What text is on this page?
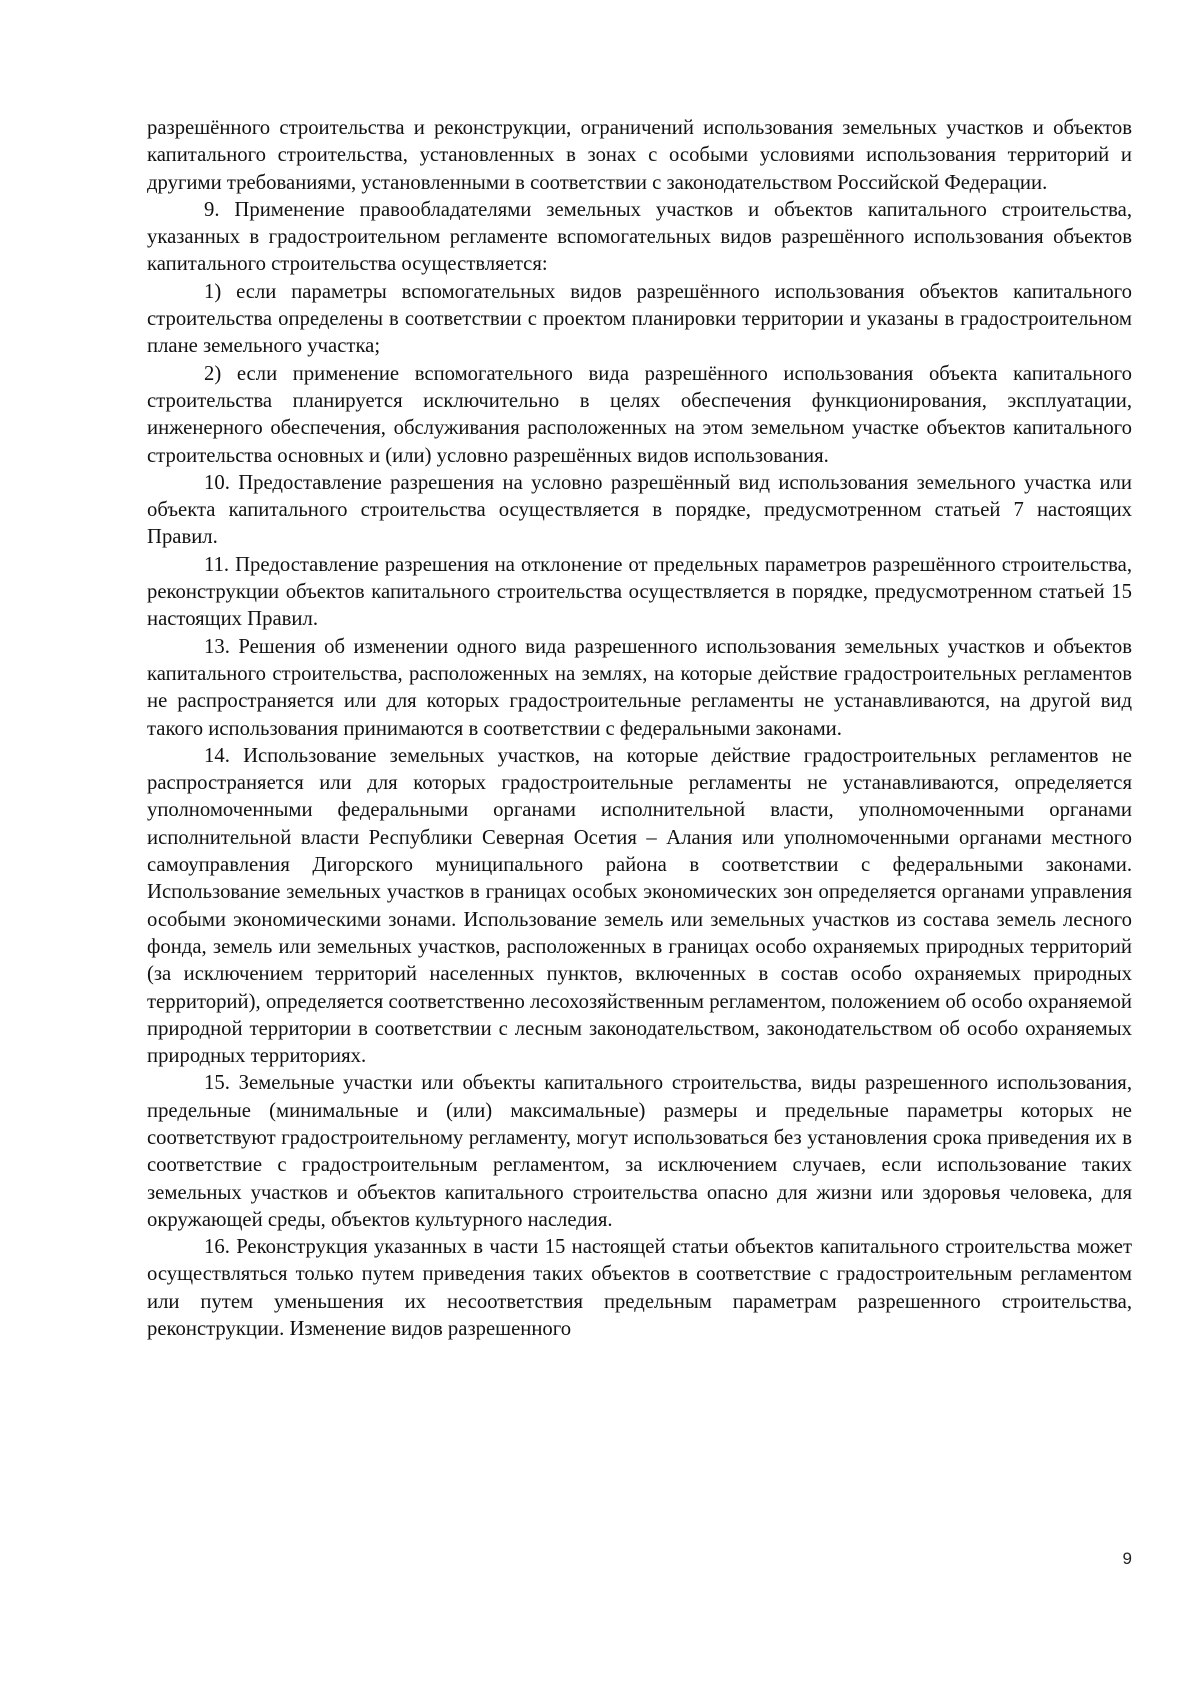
разрешённого строительства и реконструкции, ограничений использования земельных участков и объектов капитального строительства, установленных в зонах с особыми условиями использования территорий и другими требованиями, установленными в соответствии с законодательством Российской Федерации.

9. Применение правообладателями земельных участков и объектов капитального строительства, указанных в градостроительном регламенте вспомогательных видов разрешённого использования объектов капитального строительства осуществляется:

1) если параметры вспомогательных видов разрешённого использования объектов капитального строительства определены в соответствии с проектом планировки территории и указаны в градостроительном плане земельного участка;

2) если применение вспомогательного вида разрешённого использования объекта капитального строительства планируется исключительно в целях обеспечения функционирования, эксплуатации, инженерного обеспечения, обслуживания расположенных на этом земельном участке объектов капитального строительства основных и (или) условно разрешённых видов использования.

10. Предоставление разрешения на условно разрешённый вид использования земельного участка или объекта капитального строительства осуществляется в порядке, предусмотренном статьей 7 настоящих Правил.

11. Предоставление разрешения на отклонение от предельных параметров разрешённого строительства, реконструкции объектов капитального строительства осуществляется в порядке, предусмотренном статьей 15 настоящих Правил.

13. Решения об изменении одного вида разрешенного использования земельных участков и объектов капитального строительства, расположенных на землях, на которые действие градостроительных регламентов не распространяется или для которых градостроительные регламенты не устанавливаются, на другой вид такого использования принимаются в соответствии с федеральными законами.

14. Использование земельных участков, на которые действие градостроительных регламентов не распространяется или для которых градостроительные регламенты не устанавливаются, определяется уполномоченными федеральными органами исполнительной власти, уполномоченными органами исполнительной власти Республики Северная Осетия – Алания или уполномоченными органами местного самоуправления Дигорского муниципального района в соответствии с федеральными законами. Использование земельных участков в границах особых экономических зон определяется органами управления особыми экономическими зонами. Использование земель или земельных участков из состава земель лесного фонда, земель или земельных участков, расположенных в границах особо охраняемых природных территорий (за исключением территорий населенных пунктов, включенных в состав особо охраняемых природных территорий), определяется соответственно лесохозяйственным регламентом, положением об особо охраняемой природной территории в соответствии с лесным законодательством, законодательством об особо охраняемых природных территориях.

15. Земельные участки или объекты капитального строительства, виды разрешенного использования, предельные (минимальные и (или) максимальные) размеры и предельные параметры которых не соответствуют градостроительному регламенту, могут использоваться без установления срока приведения их в соответствие с градостроительным регламентом, за исключением случаев, если использование таких земельных участков и объектов капитального строительства опасно для жизни или здоровья человека, для окружающей среды, объектов культурного наследия.

16. Реконструкция указанных в части 15 настоящей статьи объектов капитального строительства может осуществляться только путем приведения таких объектов в соответствие с градостроительным регламентом или путем уменьшения их несоответствия предельным параметрам разрешенного строительства, реконструкции. Изменение видов разрешенного

9
